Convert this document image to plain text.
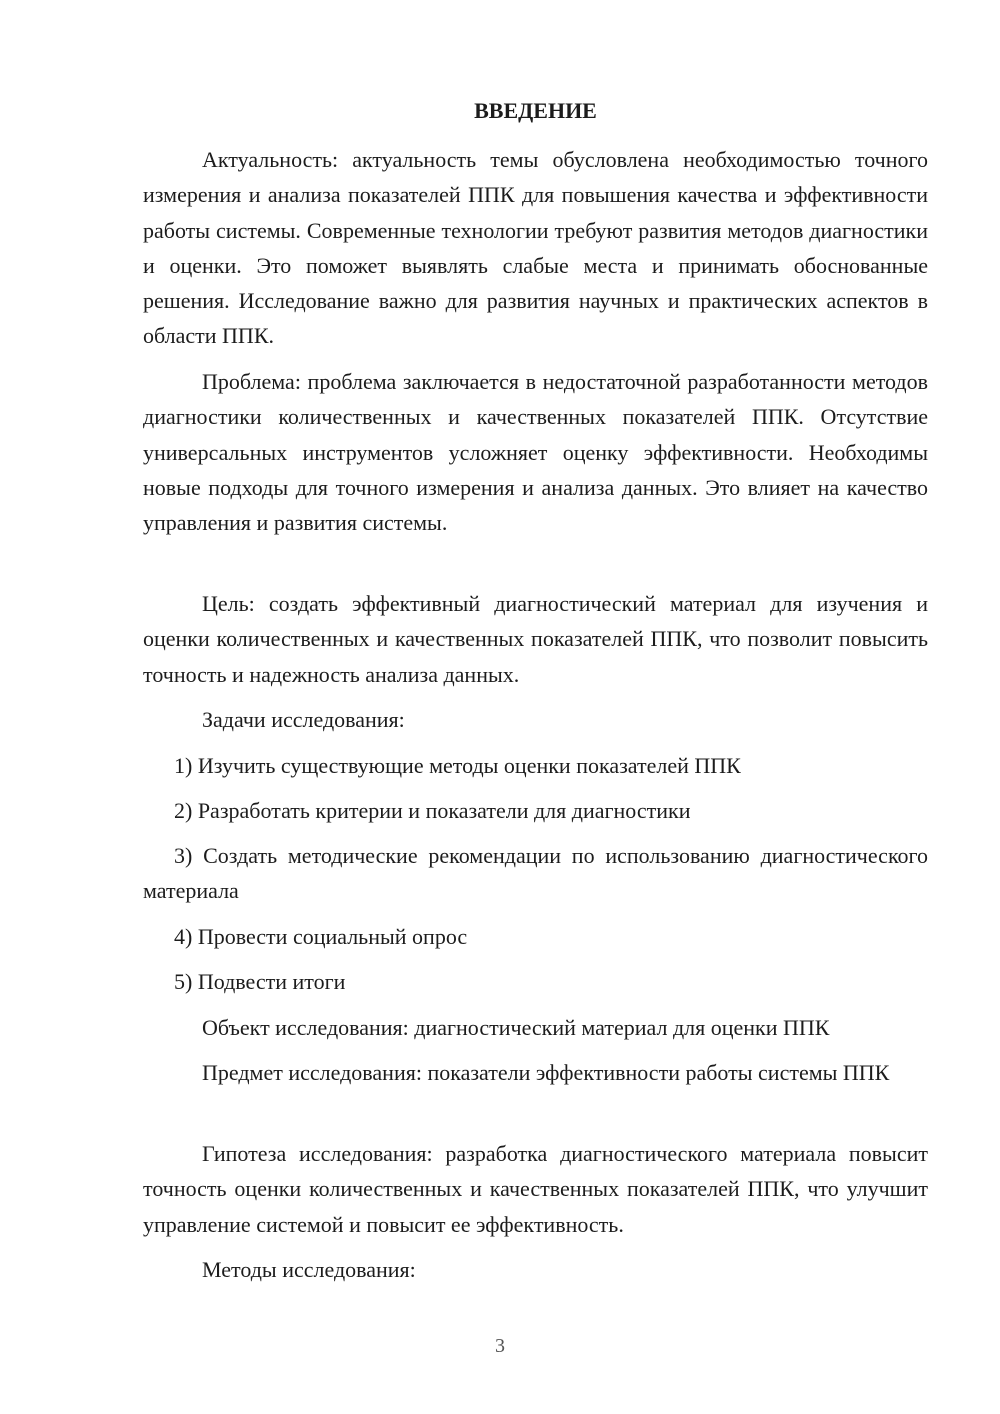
ВВЕДЕНИЕ

Актуальность: актуальность темы обусловлена необходимостью точного измерения и анализа показателей ППК для повышения качества и эффективности работы системы. Современные технологии требуют развития методов диагностики и оценки. Это поможет выявлять слабые места и принимать обоснованные решения. Исследование важно для развития научных и практических аспектов в области ППК.

Проблема: проблема заключается в недостаточной разработанности методов диагностики количественных и качественных показателей ППК. Отсутствие универсальных инструментов усложняет оценку эффективности. Необходимы новые подходы для точного измерения и анализа данных. Это влияет на качество управления и развития системы.

Цель: создать эффективный диагностический материал для изучения и оценки количественных и качественных показателей ППК, что позволит повысить точность и надежность анализа данных.

Задачи исследования:

1) Изучить существующие методы оценки показателей ППК

2) Разработать критерии и показатели для диагностики

3) Создать методические рекомендации по использованию диагностического материала

4) Провести социальный опрос

5) Подвести итоги

Объект исследования: диагностический материал для оценки ППК

Предмет исследования: показатели эффективности работы системы ППК

Гипотеза исследования: разработка диагностического материала повысит точность оценки количественных и качественных показателей ППК, что улучшит управление системой и повысит ее эффективность.

Методы исследования:

3
